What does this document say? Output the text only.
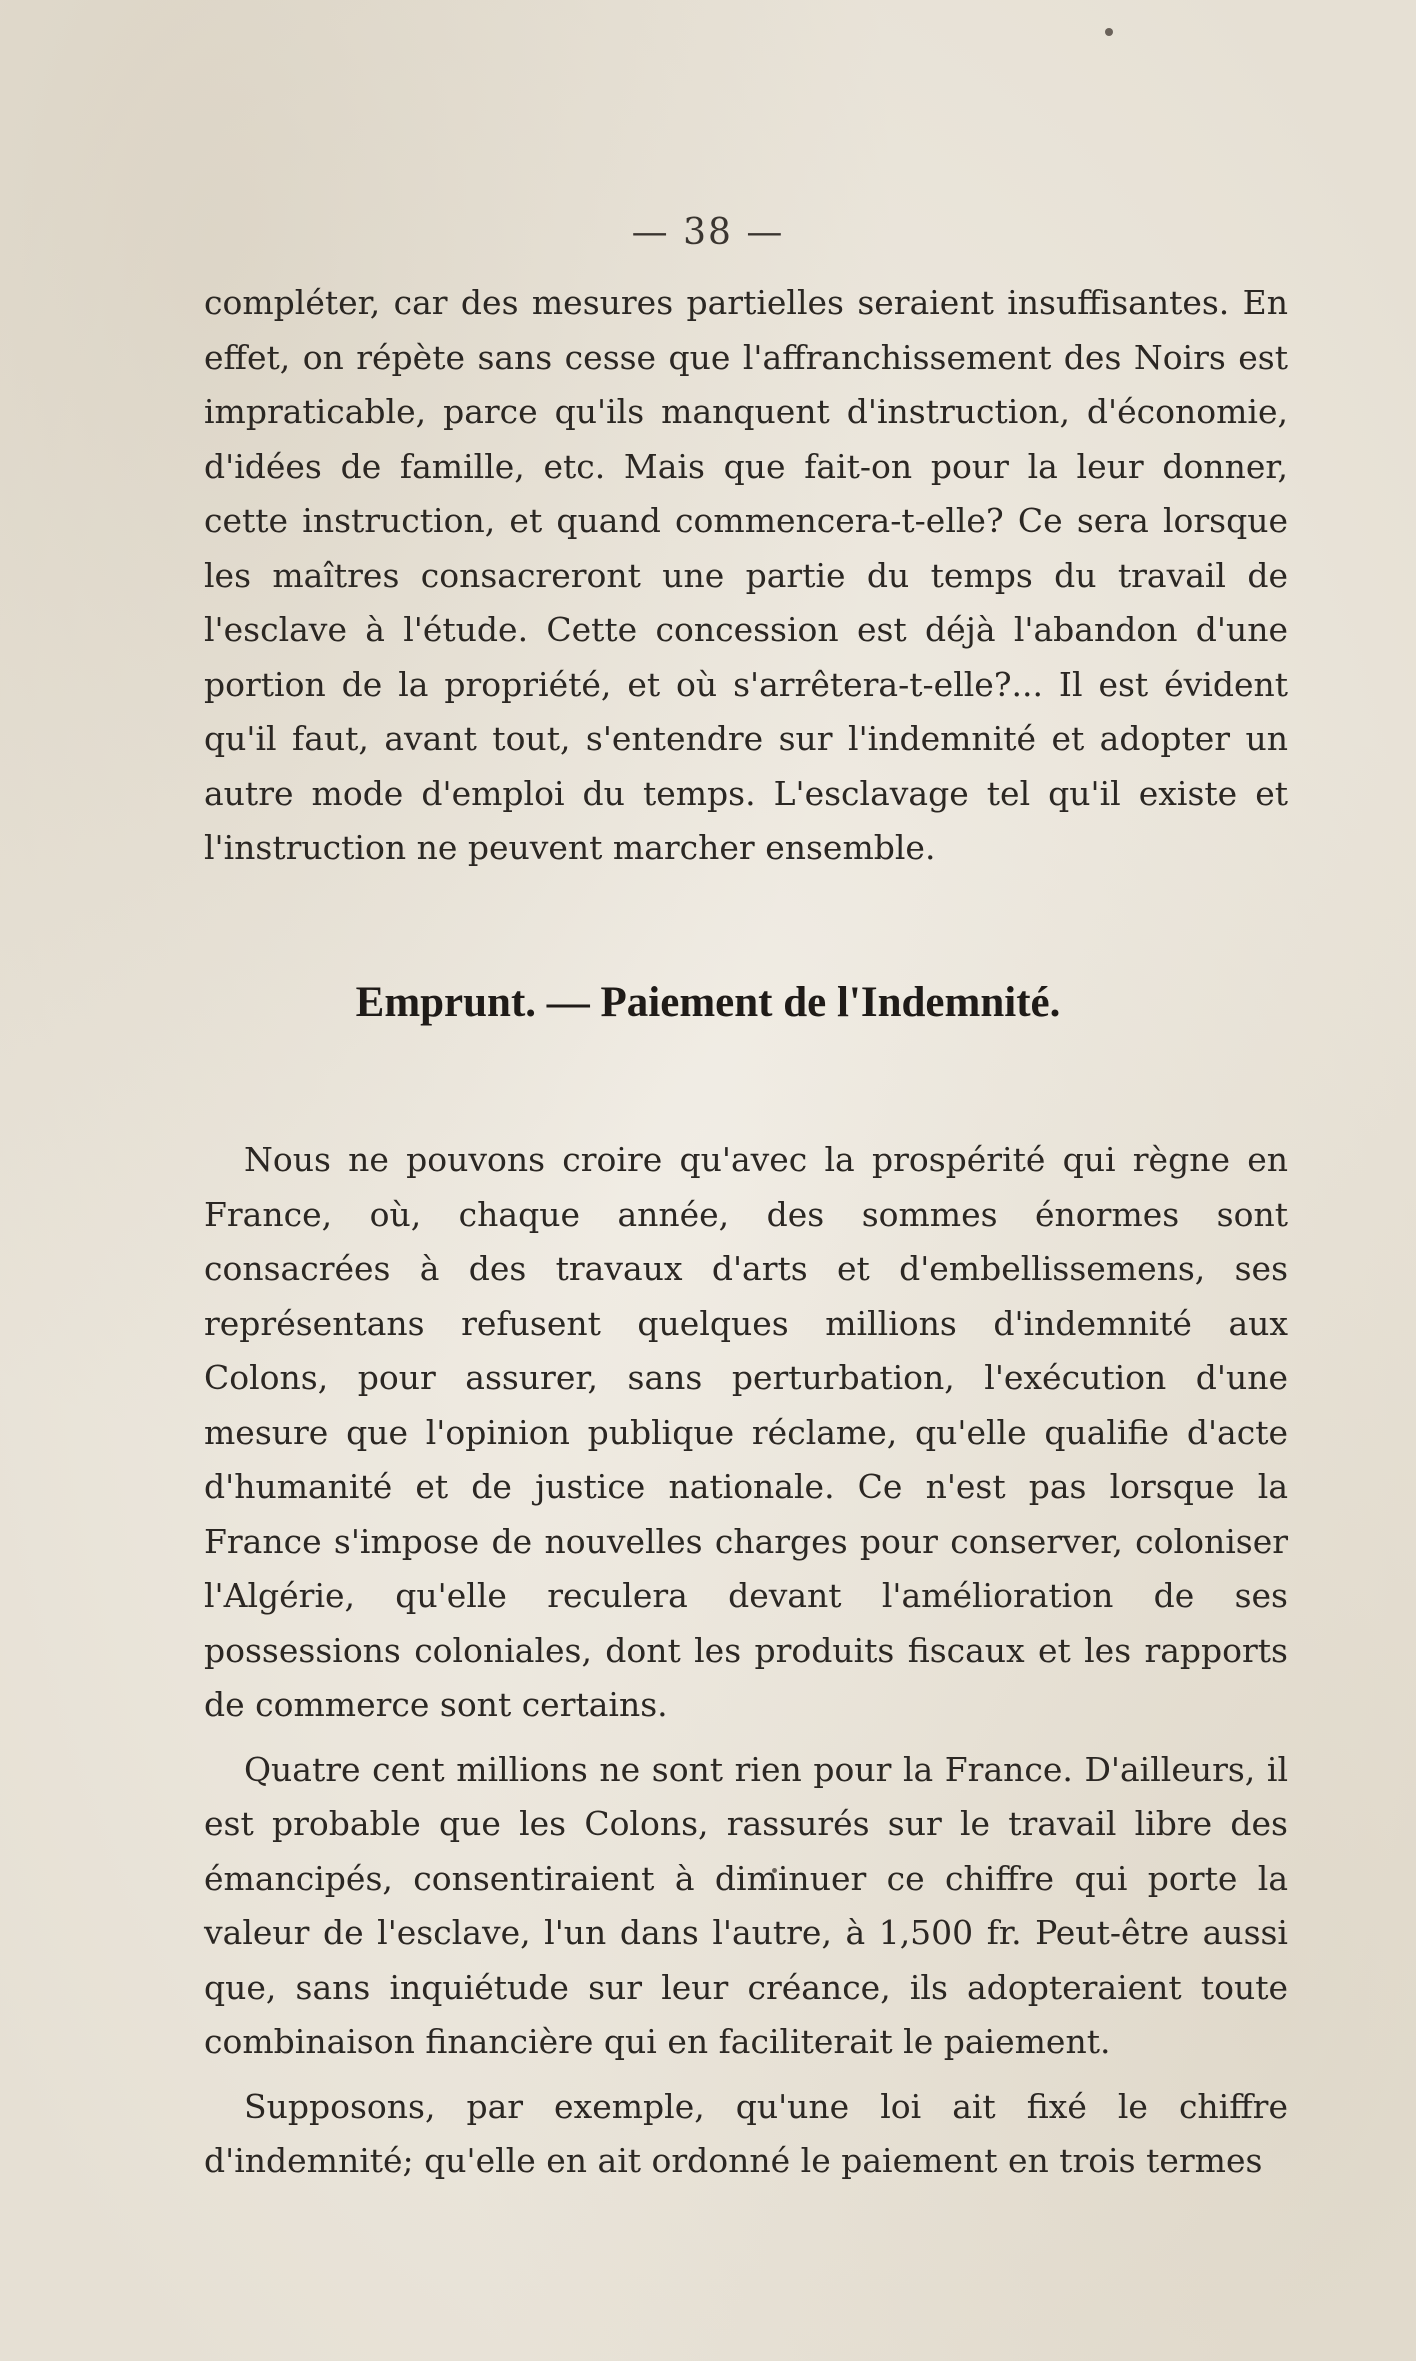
— 38 —

compléter, car des mesures partielles seraient insuffisantes. En effet, on répète sans cesse que l'affranchissement des Noirs est impraticable, parce qu'ils manquent d'instruction, d'économie, d'idées de famille, etc. Mais que fait-on pour la leur donner, cette instruction, et quand commencera-t-elle? Ce sera lorsque les maîtres consacreront une partie du temps du travail de l'esclave à l'étude. Cette concession est déjà l'abandon d'une portion de la propriété, et où s'arrêtera-t-elle?... Il est évident qu'il faut, avant tout, s'entendre sur l'indemnité et adopter un autre mode d'emploi du temps. L'esclavage tel qu'il existe et l'instruction ne peuvent marcher ensemble.

Emprunt. — Paiement de l'Indemnité.

Nous ne pouvons croire qu'avec la prospérité qui règne en France, où, chaque année, des sommes énormes sont consacrées à des travaux d'arts et d'embellissemens, ses représentans refusent quelques millions d'indemnité aux Colons, pour assurer, sans perturbation, l'exécution d'une mesure que l'opinion publique réclame, qu'elle qualifie d'acte d'humanité et de justice nationale. Ce n'est pas lorsque la France s'impose de nouvelles charges pour conserver, coloniser l'Algérie, qu'elle reculera devant l'amélioration de ses possessions coloniales, dont les produits fiscaux et les rapports de commerce sont certains.

Quatre cent millions ne sont rien pour la France. D'ailleurs, il est probable que les Colons, rassurés sur le travail libre des émancipés, consentiraient à diminuer ce chiffre qui porte la valeur de l'esclave, l'un dans l'autre, à 1,500 fr. Peut-être aussi que, sans inquiétude sur leur créance, ils adopteraient toute combinaison financière qui en faciliterait le paiement.

Supposons, par exemple, qu'une loi ait fixé le chiffre d'indemnité; qu'elle en ait ordonné le paiement en trois termes
